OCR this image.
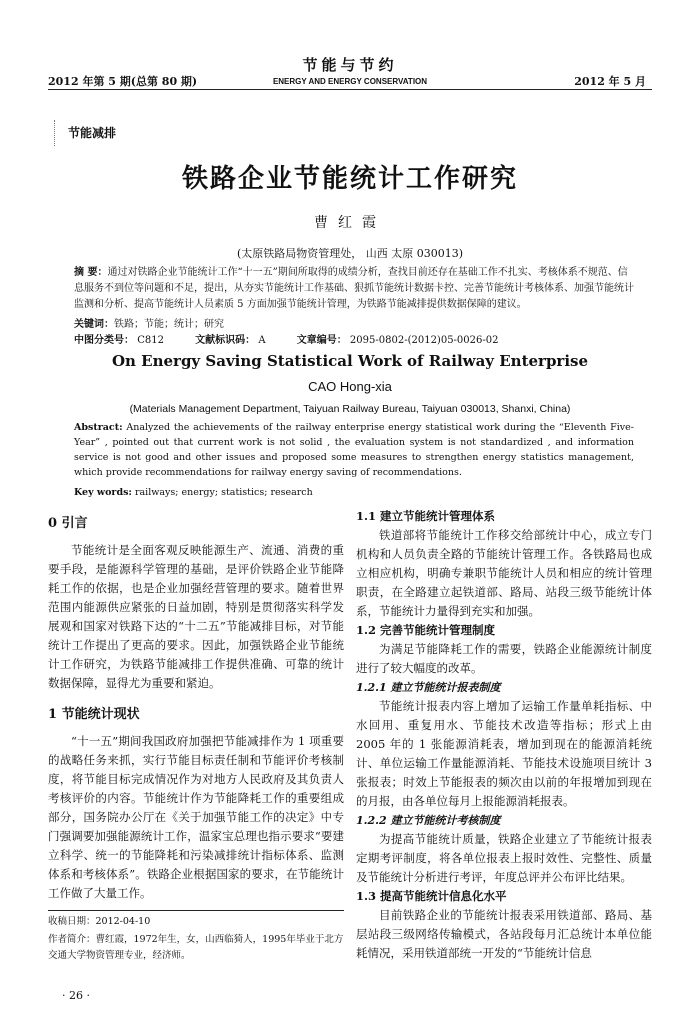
2012 年第 5 期(总第 80 期)
节能与节约
ENERGY AND ENERGY CONSERVATION	2012 年 5 月
节能减排
铁路企业节能统计工作研究
曹红霞
(太原铁路局物资管理处， 山西 太原 030013)
摘 要：通过对铁路企业节能统计工作“十一五”期间所取得的成绩分析，查找目前还存在基础工作不扎实、考核体系不规范、信息服务不到位等问题和不足，提出，从夯实节能统计工作基础、狠抓节能统计数据卡控、完善节能统计考核体系、加强节能统计监测和分析、提高节能统计人员素质 5 方面加强节能统计管理，为铁路节能减排提供数据保障的建议。
关键词：铁路；节能；统计；研究
中图分类号： C812	文献标识码： A	文章编号： 2095-0802-(2012)05-0026-02
On Energy Saving Statistical Work of Railway Enterprise
CAO Hong-xia
(Materials Management Department, Taiyuan Railway Bureau, Taiyuan 030013, Shanxi, China)
Abstract: Analyzed the achievements of the railway enterprise energy statistical work during the “Eleventh Five-Year” , pointed out that current work is not solid , the evaluation system is not standardized , and information service is not good and other issues and proposed some measures to strengthen energy statistics management, which provide recommendations for railway energy saving of recommendations.
Key words: railways; energy; statistics; research

0 引言

节能统计是全面客观反映能源生产、流通、消费的重要手段，是能源科学管理的基础，是评价铁路企业节能降耗工作的依据，也是企业加强经营管理的要求。随着世界范围内能源供应紧张的日益加剧，特别是贯彻落实科学发展观和国家对铁路下达的“十二五”节能减排目标，对节能统计工作提出了更高的要求。因此，加强铁路企业节能统计工作研究，为铁路节能减排工作提供准确、可靠的统计数据保障，显得尤为重要和紧迫。

1 节能统计现状

“十一五”期间我国政府加强把节能减排作为 1 项重要的战略任务来抓，实行节能目标责任制和节能评价考核制度，将节能目标完成情况作为对地方人民政府及其负责人考核评价的内容。节能统计作为节能降耗工作的重要组成部分，国务院办公厅在《关于加强节能工作的决定》中专门强调要加强能源统计工作，温家宝总理也指示要求“要建立科学、统一的节能降耗和污染减排统计指标体系、监测体系和考核体系”。铁路企业根据国家的要求，在节能统计工作做了大量工作。

1.1 建立节能统计管理体系

铁道部将节能统计工作移交给部统计中心，成立专门机构和人员负责全路的节能统计管理工作。各铁路局也成立相应机构，明确专兼职节能统计人员和相应的统计管理职责，在全路建立起铁道部、路局、站段三级节能统计体系，节能统计力量得到充实和加强。

1.2 完善节能统计管理制度

为满足节能降耗工作的需要，铁路企业能源统计制度进行了较大幅度的改革。

1.2.1 建立节能统计报表制度

节能统计报表内容上增加了运输工作量单耗指标、中水回用、重复用水、节能技术改造等指标；形式上由 2005 年的 1 张能源消耗表，增加到现在的能源消耗统计、单位运输工作量能源消耗、节能技术设施项目统计 3 张报表；时效上节能报表的频次由以前的年报增加到现在的月报，由各单位每月上报能源消耗报表。

1.2.2 建立节能统计考核制度

为提高节能统计质量，铁路企业建立了节能统计报表定期考评制度，将各单位报表上报时效性、完整性、质量及节能统计分析进行考评，年度总评并公布评比结果。

1.3 提高节能统计信息化水平

目前铁路企业的节能统计报表采用铁道部、路局、基层站段三级网络传输模式，各站段每月汇总统计本单位能耗情况，采用铁道部统一开发的“节能统计信息

收稿日期：2012-04-10
作者简介：曹红霞，1972年生，女，山西临猗人，1995年毕业于北方交通大学物资管理专业，经济师。
· 26 ·
